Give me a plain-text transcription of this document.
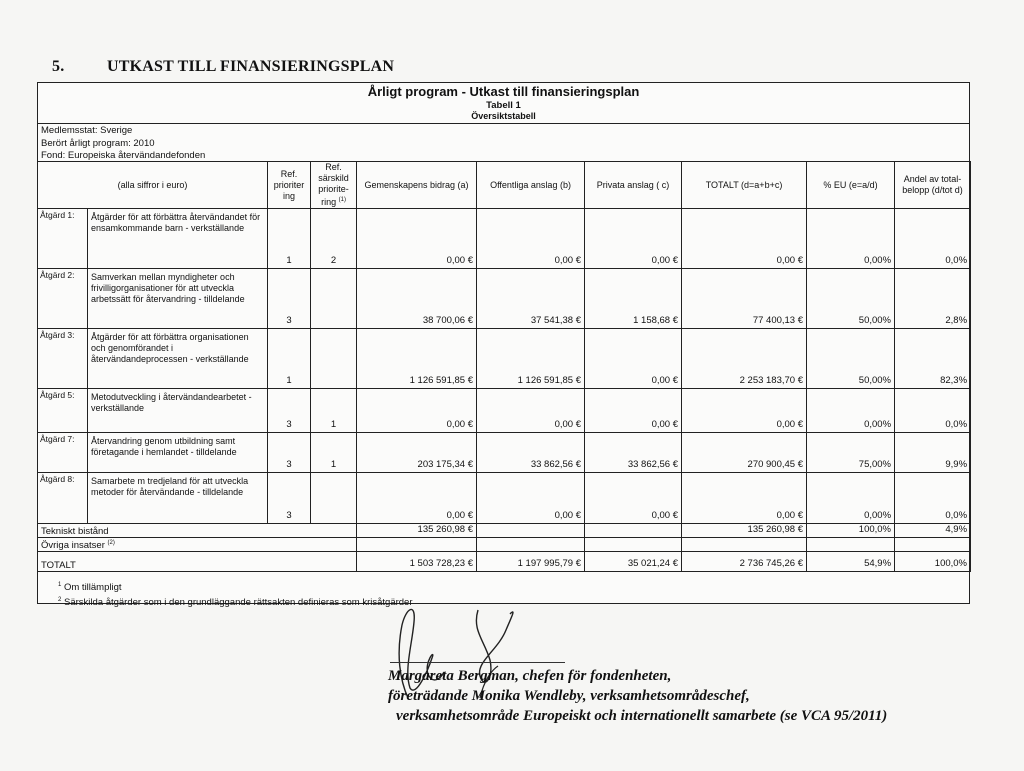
5.	UTKAST TILL FINANSIERINGSPLAN
Årligt program - Utkast till finansieringsplan
Tabell 1
Översiktstabell
Medlemsstat: Sverige
Berört årligt program: 2010
Fond: Europeiska återvändandefonden
(alla siffror i euro)		Ref. prioriter ing	Ref. särskild priorite- ring $^{(1)}$	Gemenskapens bidrag (a)	Offentliga anslag (b)	Privata anslag ( c)	TOTALT (d=a+b+c)	% EU (e=a/d)	Andel av total- belopp (d/tot d)
Åtgärd 1:	Åtgärder för att förbättra återvändandet för ensamkommande barn - verkställande	1	2	0,00 €	0,00 €	0,00 €	0,00 €	0,00%	0,0%
Åtgärd 2:	Samverkan mellan myndigheter och frivilligorganisationer för att utveckla arbetssätt för återvandring - tilldelande	3		38 700,06 €	37 541,38 €	1 158,68 €	77 400,13 €	50,00%	2,8%
Åtgärd 3:	Åtgärder för att förbättra organisationen och genomförandet i återvändandeprocessen - verkställande	1		1 126 591,85 €	1 126 591,85 €	0,00 €	2 253 183,70 €	50,00%	82,3%
Åtgärd 5:	Metodutveckling i återvändandearbetet - verkställande	3	1	0,00 €	0,00 €	0,00 €	0,00 €	0,00%	0,0%
Åtgärd 7:	Återvandring genom utbildning samt företagande i hemlandet - tilldelande	3	1	203 175,34 €	33 862,56 €	33 862,56 €	270 900,45 €	75,00%	9,9%
Åtgärd 8:	Samarbete m tredjeland för att utveckla metoder för återvändande - tilldelande	3		0,00 €	0,00 €	0,00 €	0,00 €	0,00%	0,0%
Tekniskt bistånd				135 260,98 €			135 260,98 €	100,0%	4,9%
Övriga insatser $^{(2)}$						
TOTALT				1 503 728,23 €	1 197 995,79 €	35 021,24 €	2 736 745,26 €	54,9%	100,0%
$^1$ Om tillämpligt
$^2$ Särskilda åtgärder som i den grundläggande rättsakten definieras som krisåtgärder
Margareta Bergman, chefen för fondenheten,
företrädande Monika Wendleby, verksamhetsområdeschef,
verksamhetsområde Europeiskt och internationellt samarbete (se VCA 95/2011)
